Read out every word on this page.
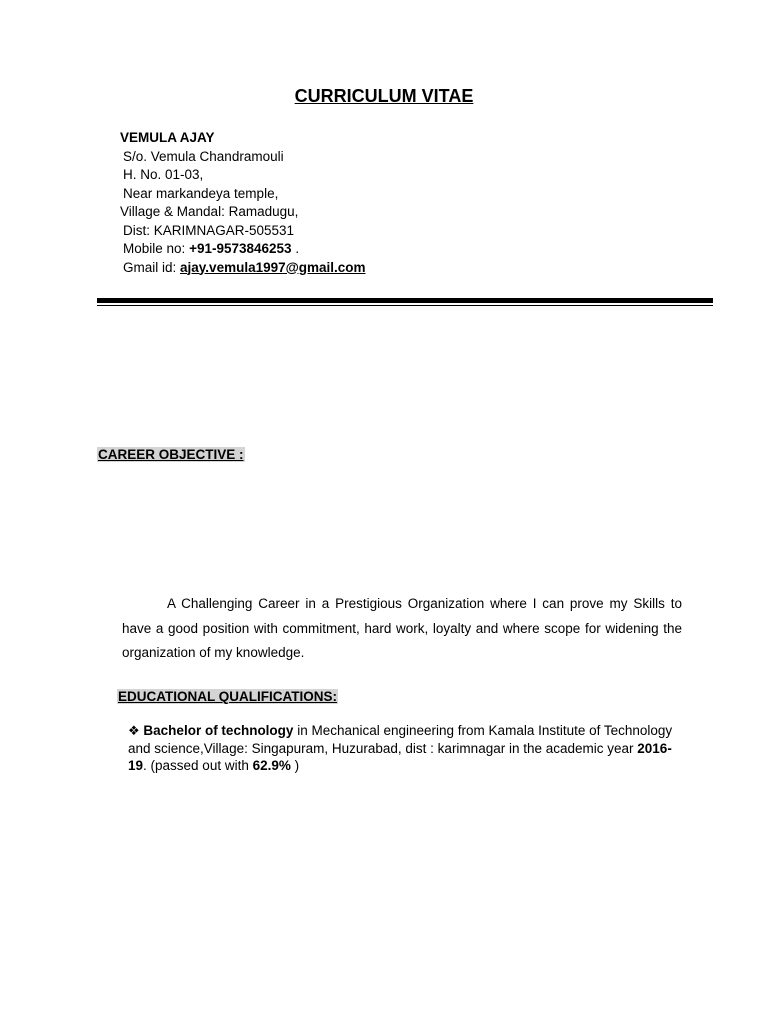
CURRICULUM VITAE
VEMULA AJAY
S/o. Vemula Chandramouli
H. No. 01-03,
Near markandeya temple,
Village & Mandal: Ramadugu,
Dist: KARIMNAGAR-505531
Mobile no: +91-9573846253 .
Gmail id: ajay.vemula1997@gmail.com
CAREER OBJECTIVE :
A Challenging Career in a Prestigious Organization where I can prove my Skills to have a good position with commitment, hard work, loyalty and where scope for widening the organization of my knowledge.
EDUCATIONAL QUALIFICATIONS:
❖ Bachelor of technology in Mechanical engineering from Kamala Institute of Technology and science,Village: Singapuram, Huzurabad, dist : karimnagar in the academic year 2016-19. (passed out with 62.9% )
